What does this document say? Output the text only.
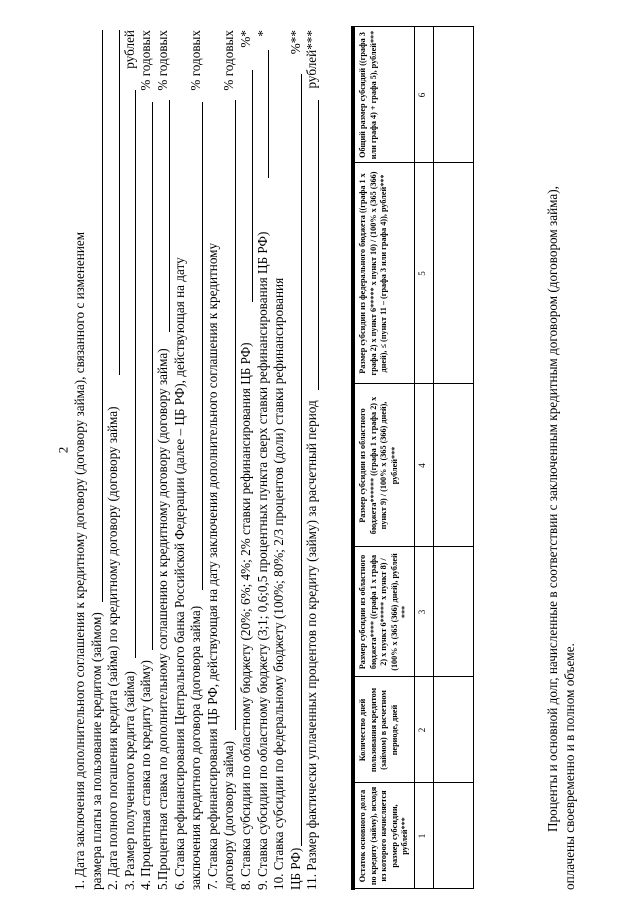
2 1. Дата заключения дополнительного соглашения к кредитному договору (договору займа), связанного с изменением размера платы за пользование кредитом (займом) 2. Дата полного погашения кредита (займа) по кредитному договору (договору займа) 3. Размер полученного кредита (займа)
рублей
4. Процентная ставка по кредиту (займу)
% годовых
5.Процентная ставка по дополнительному соглашению к кредитному договору (договору займа)
% годовых
6. Ставка рефинансирования Центрального банка Российской Федерации (далее – ЦБ РФ), действующая на дату заключения кредитного договора (договора займа)
% годовых
7. Ставка рефинансирования ЦБ РФ, действующая на дату заключения дополнительного соглашения к кредитному договору (договору займа)
% годовых
8. Ставка субсидии по областному бюджету (20%; 6%; 4%; 2% ставки рефинансирования ЦБ РФ)
%*
9. Ставка субсидии по областному бюджету (3;1; 0,6;0,5 процентных пункта сверх ставки рефинансирования ЦБ РФ)
*
10. Ставка субсидии по федеральному бюджету (100%; 80%; 2/3 процентов (доли) ставки рефинансирования ЦБ РФ)
%**
11. Размер фактически уплаченных процентов по кредиту (займу) за расчетный период
рублей***

Остаток основного долга по кредиту (займу), исходя из которого начисляется размер субсидии, рублей***	Количество дней пользования кредитом (займом) в расчетном периоде, дней	Размер субсидии из областного бюджета**** ((графа 1 х графа 2) х пункт 6***** х пункт 8) / (100% х (365 (366) дней), рублей ***	Размер субсидии из областного бюджета****** ((графа 1 х графа 2) х пункт 9) / (100% х (365 (366) дней), рублей***	Размер субсидии из федерального бюджета ((графа 1 х графа 2) х пункт 6***** х пункт 10) / (100% х (365 (366) дней), ≤ (пункт 11 – (графа 3 или графа 4)), рублей***	Общий размер субсидий ((графа 3 или графа 4) + графа 5), рублей***
1	2	3	4	5	6

Проценты и основной долг, начисленные в соответствии с заключенным кредитным договором (договором займа), оплачены своевременно и в полном объеме.
